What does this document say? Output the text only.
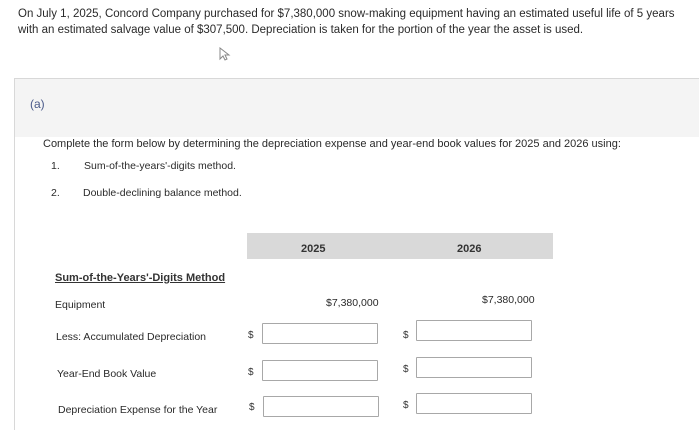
On July 1, 2025, Concord Company purchased for $7,380,000 snow-making equipment having an estimated useful life of 5 years with an estimated salvage value of $307,500. Depreciation is taken for the portion of the year the asset is used.
(a)
Complete the form below by determining the depreciation expense and year-end book values for 2025 and 2026 using:
1. Sum-of-the-years'-digits method.
2. Double-declining balance method.
2025	2026
Sum-of-the-Years'-Digits Method
Equipment	$7,380,000	$7,380,000
Less: Accumulated Depreciation	$	$
Year-End Book Value	$	$
Depreciation Expense for the Year	$	$
